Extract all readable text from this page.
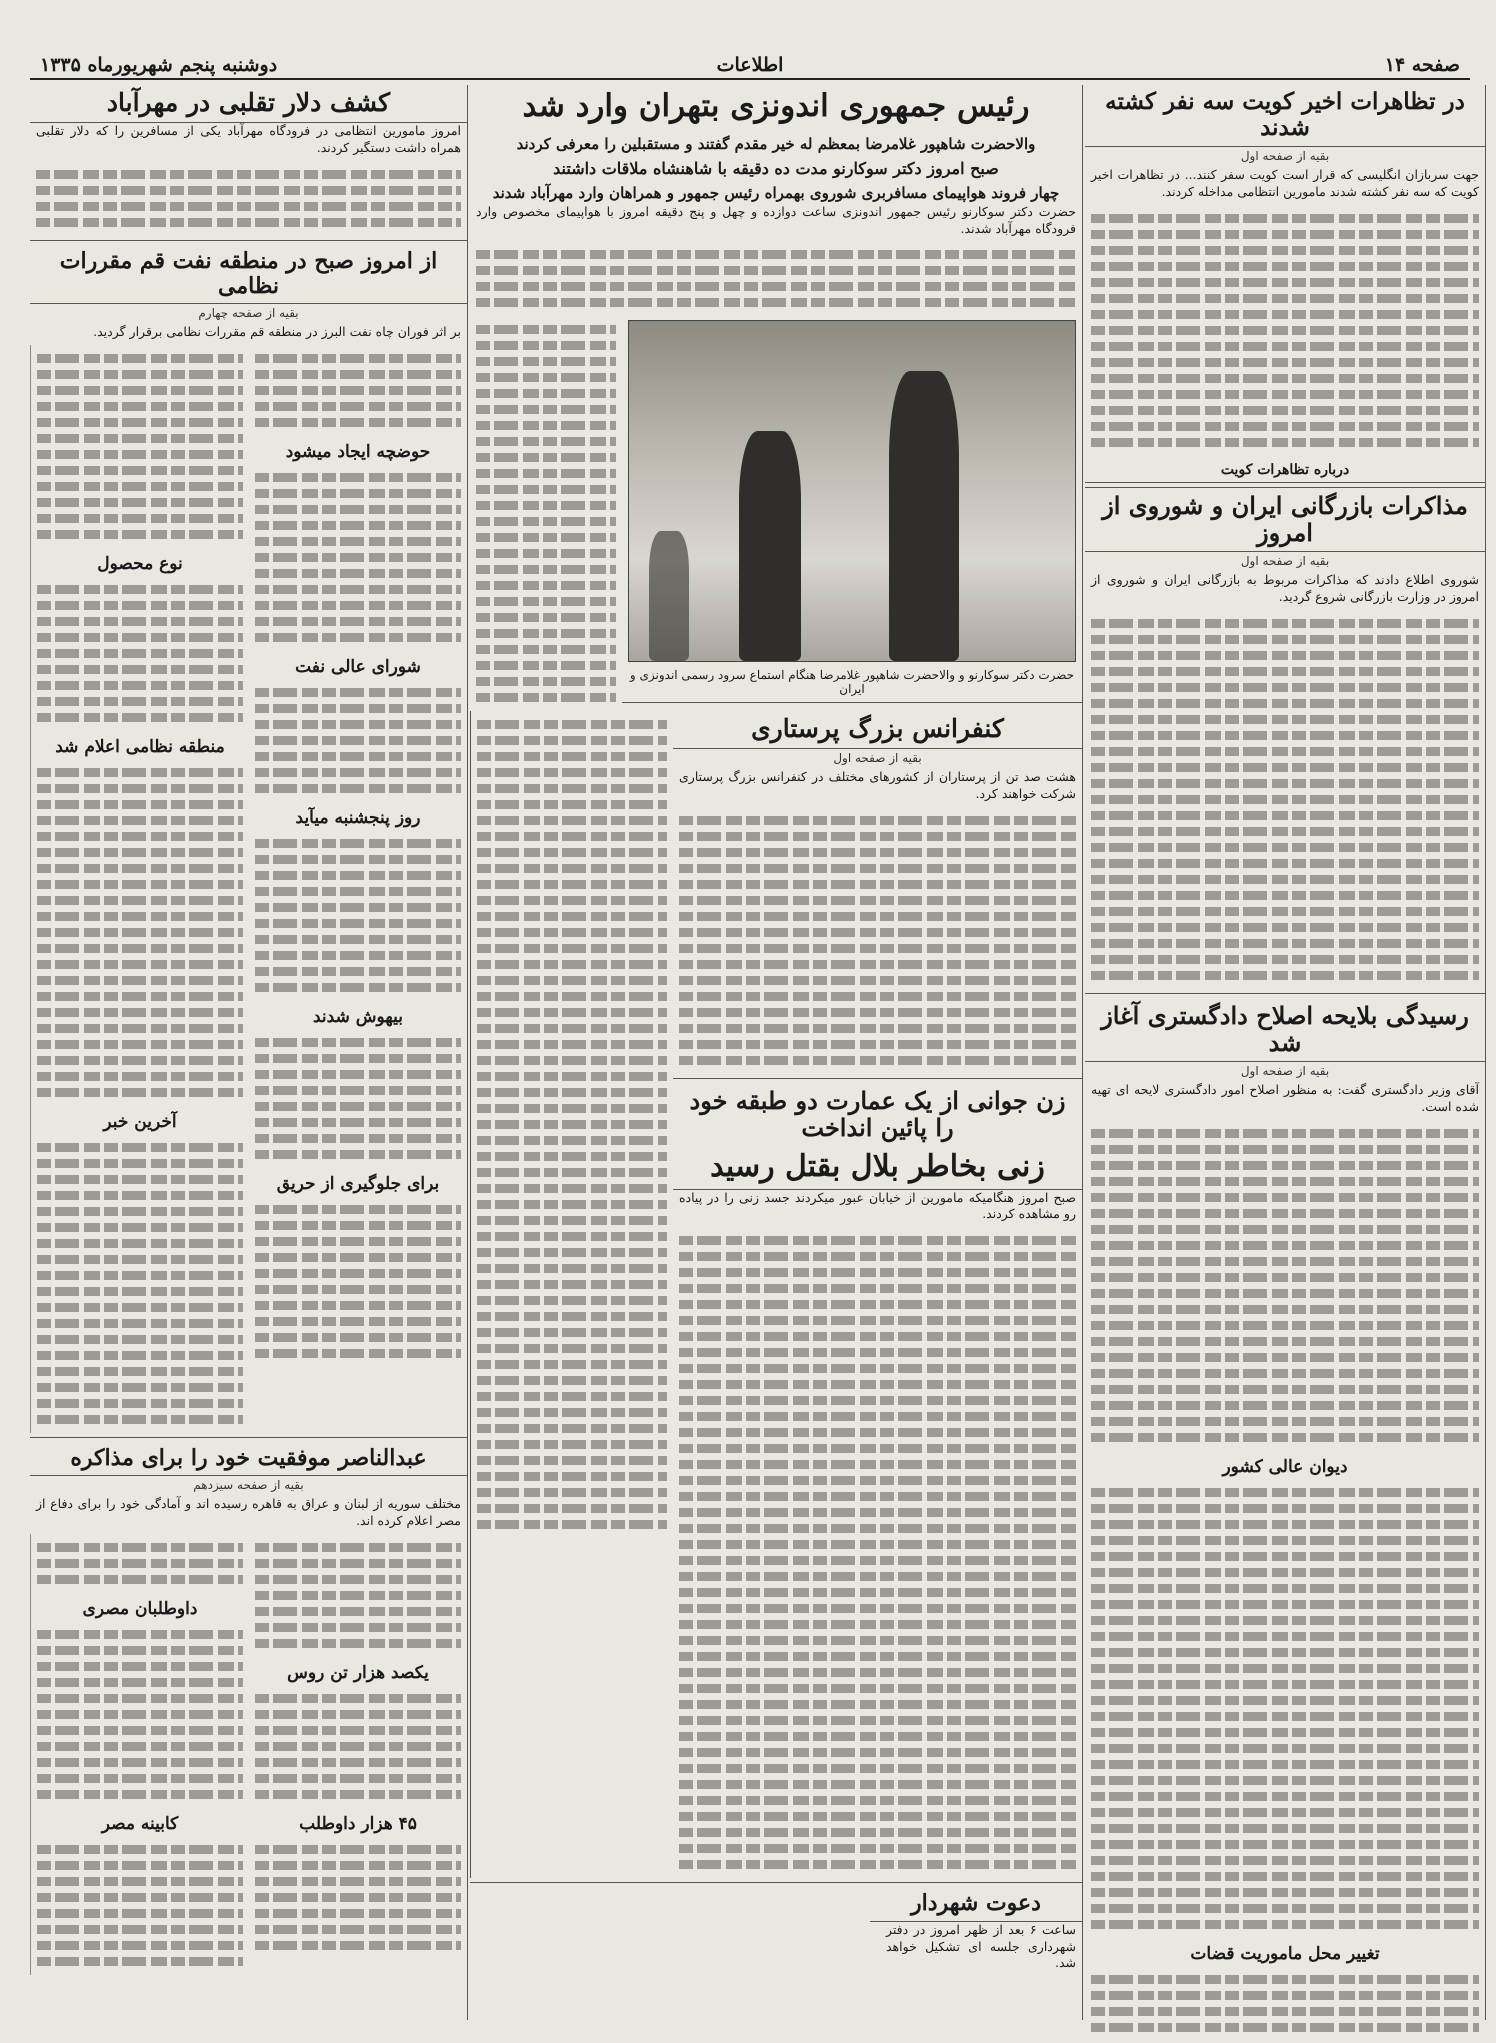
صفحه ۱۴
اطلاعات
دوشنبه پنجم شهریورماه ۱۳۳۵
در تظاهرات اخیر کویت سه نفر کشته شدند
بقیه از صفحه اول
جهت سربازان انگلیسی که قرار است کویت سفر کنند... در تظاهرات اخیر کویت که سه نفر کشته شدند مامورین انتظامی مداخله کردند.
درباره تظاهرات کویت
مذاکرات بازرگانی ایران و شوروی از امروز
بقیه از صفحه اول
شوروی اطلاع دادند که مذاکرات مربوط به بازرگانی ایران و شوروی از امروز در وزارت بازرگانی شروع گردید.
رسیدگی بلایحه اصلاح دادگستری آغاز شد
بقیه از صفحه اول
آقای وزیر دادگستری گفت: به منظور اصلاح امور دادگستری لایحه ای تهیه شده است.
دیوان عالی کشور
تغییر محل ماموریت قضات
رئیس جمهوری اندونزی بتهران وارد شد
والاحضرت شاهپور غلامرضا بمعظم له خیر مقدم گفتند و مستقبلین را معرفی کردند
صبح امروز دکتر سوکارنو مدت ده دقیقه با شاهنشاه ملاقات داشتند
چهار فروند هواپیمای مسافربری شوروی بهمراه رئیس جمهور و همراهان وارد مهرآباد شدند
حضرت دکتر سوکارنو رئیس جمهور اندونزی ساعت دوازده و چهل و پنج دقیقه امروز با هواپیمای مخصوص وارد فرودگاه مهرآباد شدند.
حضرت دکتر سوکارنو و والاحضرت شاهپور غلامرضا هنگام استماع سرود رسمی اندونزی و ایران
کنفرانس بزرگ پرستاری
بقیه از صفحه اول
هشت صد تن از پرستاران از کشورهای مختلف در کنفرانس بزرگ پرستاری شرکت خواهند کرد.
زن جوانی از یک عمارت دو طبقه خود را پائین انداخت
زنی بخاطر بلال بقتل رسید
صبح امروز هنگامیکه مامورین از خیابان عبور میکردند جسد زنی را در پیاده رو مشاهده کردند.
دعوت شهردار
ساعت ۶ بعد از ظهر امروز در دفتر شهرداری جلسه ای تشکیل خواهد شد.
کشف دلار تقلبی در مهرآباد
امروز مامورین انتظامی در فرودگاه مهرآباد یکی از مسافرین را که دلار تقلبی همراه داشت دستگیر کردند.
از امروز صبح در منطقه نفت قم مقررات نظامی
بقیه از صفحه چهارم
بر اثر فوران چاه نفت البرز در منطقه قم مقررات نظامی برقرار گردید.
نوع محصول
منطقه نظامی اعلام شد
آخرین خبر
حوضچه ایجاد میشود
شورای عالی نفت
روز پنجشنبه میآید
بیهوش شدند
برای جلوگیری از حریق
عبدالناصر موفقیت خود را برای مذاکره
بقیه از صفحه سیزدهم
مختلف سوریه از لبنان و عراق به قاهره رسیده اند و آمادگی خود را برای دفاع از مصر اعلام کرده اند.
داوطلبان مصری
کابینه مصر
یکصد هزار تن روس
۴۵ هزار داوطلب
